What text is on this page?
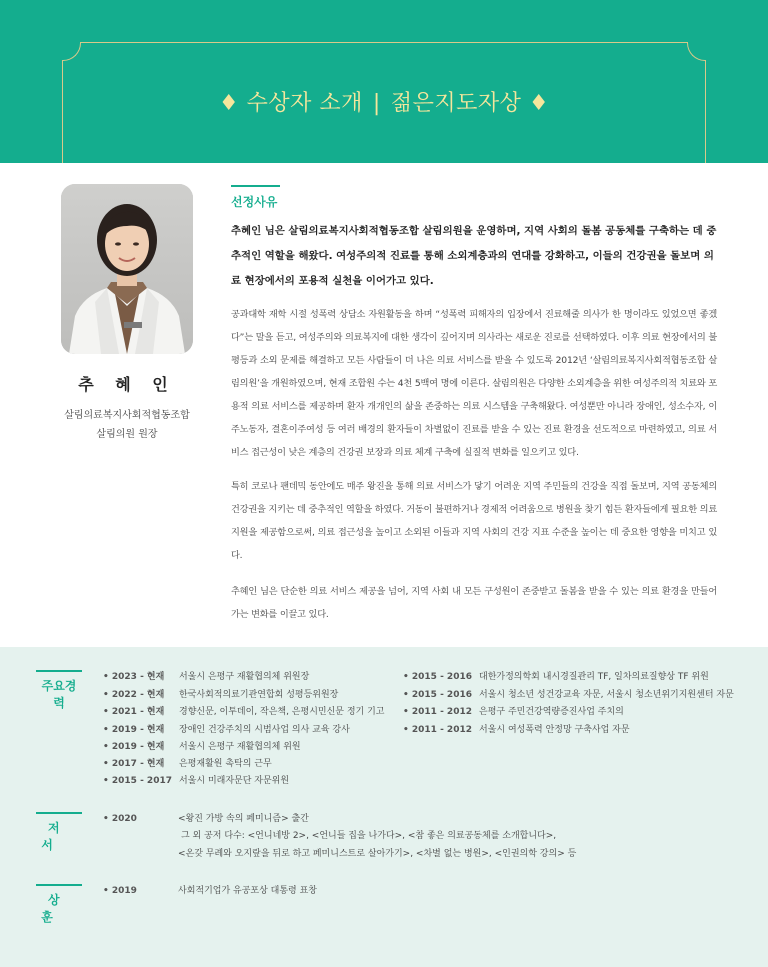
♦ 수상자 소개 | 젊은지도자상 ♦
추 혜 인
살림의료복지사회적협동조합
살림의원 원장
선정사유
추혜인 님은 살림의료복지사회적협동조합 살림의원을 운영하며, 지역 사회의 돌봄 공동체를 구축하는 데 중추적인 역할을 해왔다. 여성주의적 진료를 통해 소외계층과의 연대를 강화하고, 이들의 건강권을 돌보며 의료 현장에서의 포용적 실천을 이어가고 있다.
공과대학 재학 시절 성폭력 상담소 자원활동을 하며 “성폭력 피해자의 입장에서 진료해줄 의사가 한 명이라도 있었으면 좋겠다”는 말을 듣고, 여성주의와 의료복지에 대한 생각이 깊어지며 의사라는 새로운 진로를 선택하였다. 이후 의료 현장에서의 불평등과 소외 문제를 해결하고 모든 사람들이 더 나은 의료 서비스를 받을 수 있도록 2012년 ‘살림의료복지사회적협동조합 살림의원’을 개원하였으며, 현재 조합원 수는 4천 5백여 명에 이른다. 살림의원은 다양한 소외계층을 위한 여성주의적 치료와 포용적 의료 서비스를 제공하며 환자 개개인의 삶을 존중하는 의료 시스템을 구축해왔다. 여성뿐만 아니라 장애인, 성소수자, 이주노동자, 결혼이주여성 등 여러 배경의 환자들이 차별없이 진료를 받을 수 있는 진료 환경을 선도적으로 마련하였고, 의료 서비스 접근성이 낮은 계층의 건강권 보장과 의료 체계 구축에 실질적 변화를 일으키고 있다.
특히 코로나 팬데믹 동안에도 매주 왕진을 통해 의료 서비스가 닿기 어려운 지역 주민들의 건강을 직접 돌보며, 지역 공동체의 건강권을 지키는 데 중추적인 역할을 하였다. 거동이 불편하거나 경제적 어려움으로 병원을 찾기 힘든 환자들에게 필요한 의료 지원을 제공함으로써, 의료 접근성을 높이고 소외된 이들과 지역 사회의 건강 지표 수준을 높이는 데 중요한 영향을 미치고 있다.
추혜인 님은 단순한 의료 서비스 제공을 넘어, 지역 사회 내 모든 구성원이 존중받고 돌봄을 받을 수 있는 의료 환경을 만들어가는 변화를 이끌고 있다.
주요경력
• 2023 - 현재 서울시 은평구 재활협의체 위원장
• 2022 - 현재 한국사회적의료기관연합회 성평등위원장
• 2021 - 현재 경향신문, 이투데이, 작은책, 은평시민신문 정기 기고
• 2019 - 현재 장애인 건강주치의 시범사업 의사 교육 강사
• 2019 - 현재 서울시 은평구 재활협의체 위원
• 2017 - 현재 은평재활원 촉탁의 근무
• 2015 - 2017 서울시 미래자문단 자문위원
• 2015 - 2016 대한가정의학회 내시경질관리 TF, 일차의료질향상 TF 위원
• 2015 - 2016 서울시 청소년 성건강교육 자문, 서울시 청소년위기지원센터 자문
• 2011 - 2012 은평구 주민건강역량증진사업 주치의
• 2011 - 2012 서울시 여성폭력 안정망 구축사업 자문
저서
• 2020	<왕진 가방 속의 페미니즘> 출간
그 외 공저 다수: <언니네방 2>, <언니들 집을 나가다>, <참 좋은 의료공동체를 소개합니다>,
<온갖 무례와 오지랖을 뒤로 하고 페미니스트로 살아가기>, <차별 없는 병원>, <인권의학 강의> 등
상훈
• 2019	사회적기업가 유공포상 대통령 표창
